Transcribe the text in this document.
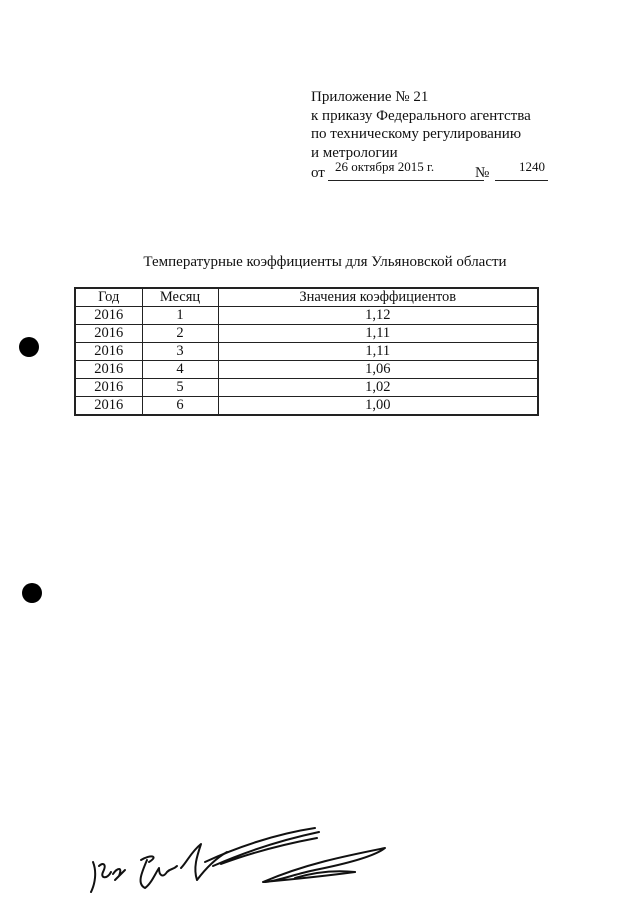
Приложение № 21
к приказу Федерального агентства
по техническому регулированию
и метрологии
от 26 октября 2015 г.	№ 1240
Температурные коэффициенты для Ульяновской области
Год	Месяц	Значения коэффициентов
2016	1	1,12
2016	2	1,11
2016	3	1,11
2016	4	1,06
2016	5	1,02
2016	6	1,00
